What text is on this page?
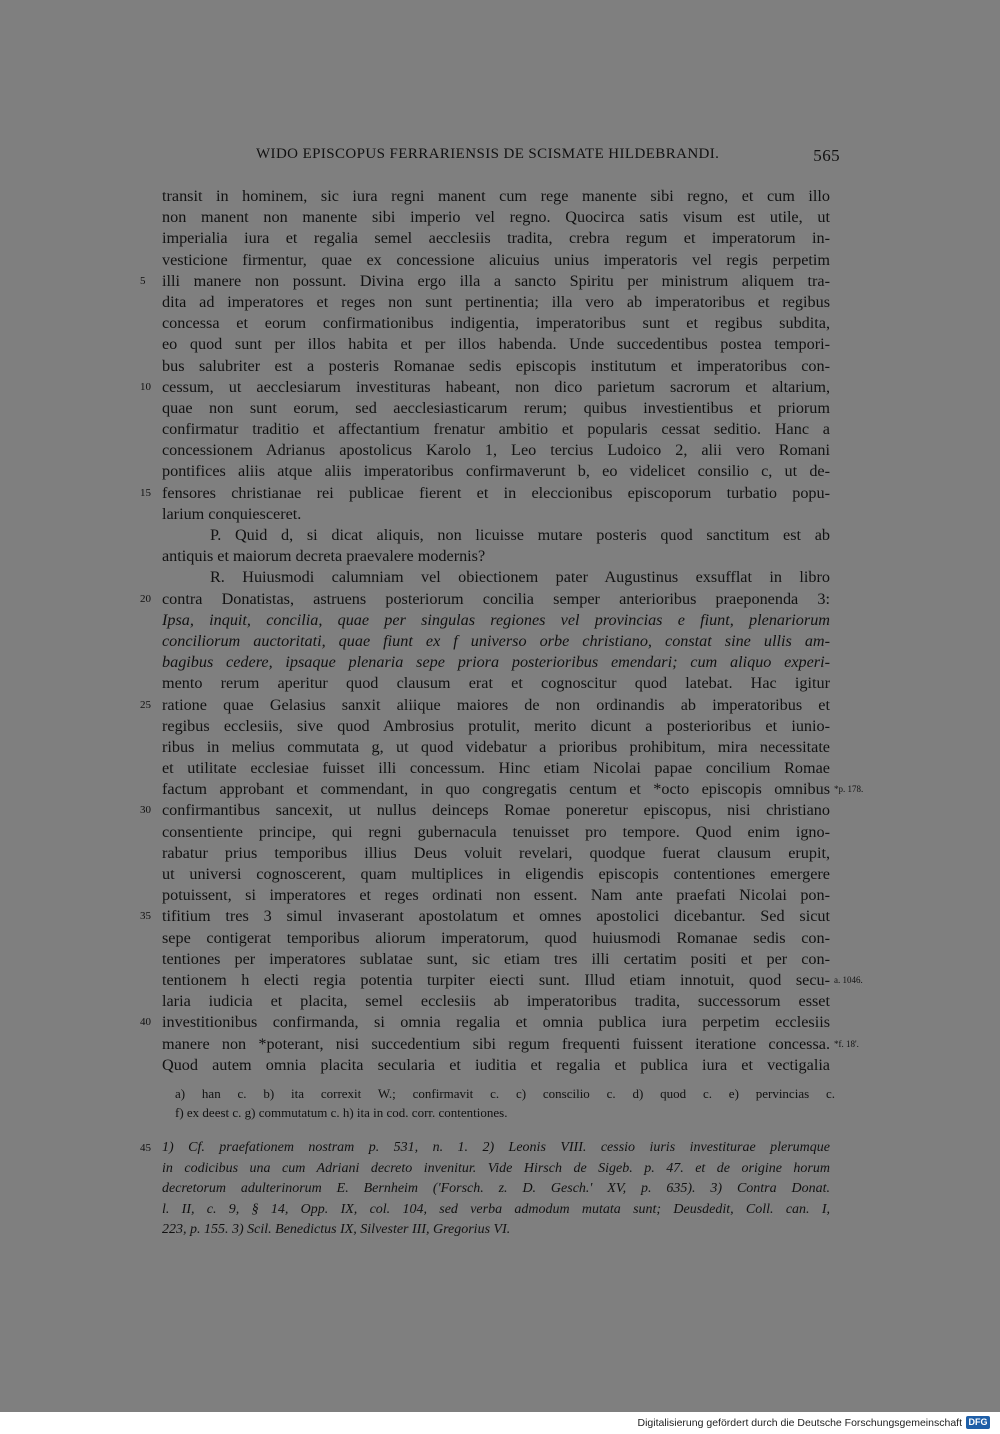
WIDO EPISCOPUS FERRARIENSIS DE SCISMATE HILDEBRANDI.	565
transit in hominem, sic iura regni manent cum rege manente sibi regno, et cum illo
non manent non manente sibi imperio vel regno. Quocirca satis visum est utile, ut
imperialia iura et regalia semel aecclesiis tradita, crebra regum et imperatorum in-
vesticione firmentur, quae ex concessione alicuius unius imperatoris vel regis perpetim
illi manere non possunt. Divina ergo illa a sancto Spiritu per ministrum aliquem tra-
5
dita ad imperatores et reges non sunt pertinentia; illa vero ab imperatoribus et regibus
concessa et eorum confirmationibus indigentia, imperatoribus sunt et regibus subdita,
eo quod sunt per illos habita et per illos habenda. Unde succedentibus postea tempori-
bus salubriter est a posteris Romanae sedis episcopis institutum et imperatoribus con-
cessum, ut aecclesiarum investituras habeant, non dico parietum sacrorum et altarium,
10
quae non sunt eorum, sed aecclesiasticarum rerum; quibus investientibus et priorum
confirmatur traditio et affectantium frenatur ambitio et popularis cessat seditio. Hanc a
concessionem Adrianus apostolicus Karolo 1, Leo tercius Ludoico 2, alii vero Romani
pontifices aliis atque aliis imperatoribus confirmaverunt b, eo videlicet consilio c, ut de-
fensores christianae rei publicae fierent et in eleccionibus episcoporum turbatio popu-
15
larium conquiesceret.
P. Quid d, si dicat aliquis, non licuisse mutare posteris quod sanctitum est ab
antiquis et maiorum decreta praevalere modernis?
R. Huiusmodi calumniam vel obiectionem pater Augustinus exsufflat in libro
contra Donatistas, astruens posteriorum concilia semper anterioribus praeponenda 3:
20
Ipsa, inquit, concilia, quae per singulas regiones vel provincias e fiunt, plenariorum
conciliorum auctoritati, quae fiunt ex f universo orbe christiano, constat sine ullis am-
bagibus cedere, ipsaque plenaria sepe priora posterioribus emendari; cum aliquo experi-
mento rerum aperitur quod clausum erat et cognoscitur quod latebat. Hac igitur
ratione quae Gelasius sanxit aliique maiores de non ordinandis ab imperatoribus et
25
regibus ecclesiis, sive quod Ambrosius protulit, merito dicunt a posterioribus et iunio-
ribus in melius commutata g, ut quod videbatur a prioribus prohibitum, mira necessitate
et utilitate ecclesiae fuisset illi concessum. Hinc etiam Nicolai papae concilium Romae
factum approbant et commendant, in quo congregatis centum et *octo episcopis omnibus *p. 178.
confirmantibus sancexit, ut nullus deinceps Romae poneretur episcopus, nisi christiano
30
consentiente principe, qui regni gubernacula tenuisset pro tempore. Quod enim igno-
rabatur prius temporibus illius Deus voluit revelari, quodque fuerat clausum erupit,
ut universi cognoscerent, quam multiplices in eligendis episcopis contentiones emergere
potuissent, si imperatores et reges ordinati non essent. Nam ante praefati Nicolai pon-
tifitium tres 3 simul invaserant apostolatum et omnes apostolici dicebantur. Sed sicut
35
sepe contigerat temporibus aliorum imperatorum, quod huiusmodi Romanae sedis con-
tentiones per imperatores sublatae sunt, sic etiam tres illi certatim positi et per con-
tentionem h electi regia potentia turpiter eiecti sunt. Illud etiam innotuit, quod secu- a. 1046.
laria iudicia et placita, semel ecclesiis ab imperatoribus tradita, successorum esset
investitionibus confirmanda, si omnia regalia et omnia publica iura perpetim ecclesiis
40
manere non *poterant, nisi succedentium sibi regum frequenti fuissent iteratione concessa. *f. 18'.
Quod autem omnia placita secularia et iuditia et regalia et publica iura et vectigalia
a) han c. b) ita correxit W.; confirmavit c. c) conscilio c. d) quod c. e) pervincias c.
f) ex deest c. g) commutatum c. h) ita in cod. corr. contentiones.
45 1) Cf. praefationem nostram p. 531, n. 1. 2) Leonis VIII. cessio iuris investiturae plerumque
in codicibus una cum Adriani decreto invenitur. Vide Hirsch de Sigeb. p. 47. et de origine horum
decretorum adulterinorum E. Bernheim ('Forsch. z. D. Gesch.' XV, p. 635). 3) Contra Donat.
l. II, c. 9, § 14, Opp. IX, col. 104, sed verba admodum mutata sunt; Deusdedit, Coll. can. I,
223, p. 155. 3) Scil. Benedictus IX, Silvester III, Gregorius VI.
Digitalisierung gefördert durch die Deutsche Forschungsgemeinschaft DFG
